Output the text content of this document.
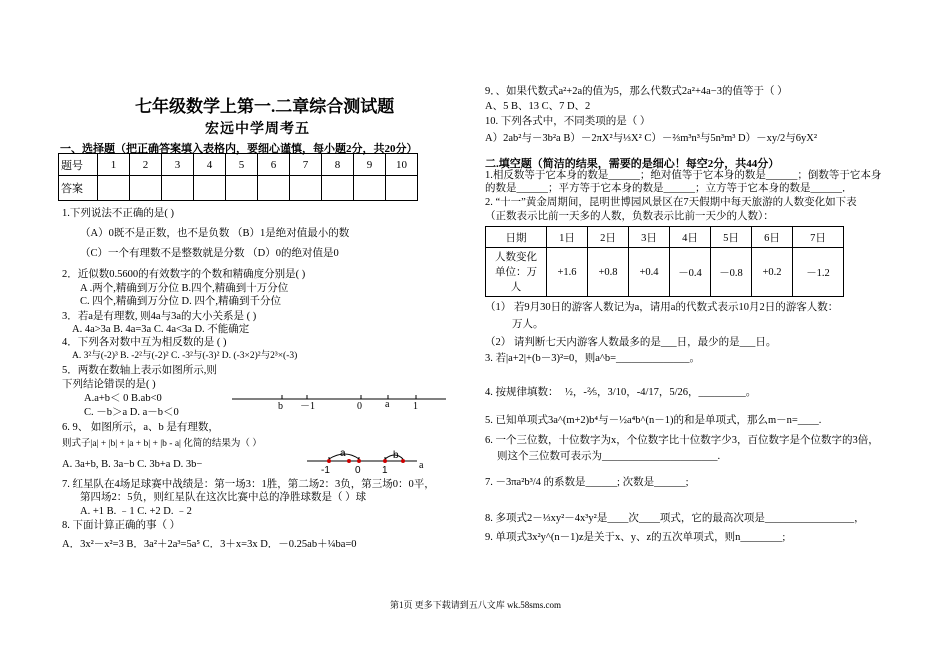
七年级数学上第一.二章综合测试题
宏远中学周考五
一、选择题（把正确答案填入表格内，要细心谨慎，每小题2分，共20分）
题号	1	2	3	4	5	6	7	8	9	10
答案										
1.下列说法不正确的是( )
（A）0既不是正数，也不是负数 （B）1是绝对值最小的数
（C）一个有理数不是整数就是分数 （D）0的绝对值是0
2．近似数0.5600的有效数字的个数和精确度分别是( )
A .两个,精确到万分位 B.四个,精确到十万分位
C. 四个,精确到万分位 D. 四个,精确到千分位
3．若a是有理数, 则4a与3a的大小关系是 ( )
A. 4a>3a B. 4a=3a C. 4a<3a D. 不能确定
4．下列各对数中互为相反数的是 ( )
A. 3²与(-2)³ B. -2²与(-2)² C. -3²与(-3)² D. (-3×2)²与2³×(-3)
5．两数在数轴上表示如图所示,则
下列结论错误的是( )
A.a+b＜ 0 B.ab<0
C. －b＞a D. a－b＜0
b －1	0 a 1
6. 9、 如图所示，a、b 是有理数，
则式子|a| + |b| + |a + b| + |b - a| 化简的结果为（ ）
A. 3a+b, B. 3a−b C. 3b+a D. 3b−
a	b
-1	0 1	a
7. 红星队在4场足球赛中战绩是：第一场3：1胜，第二场2：3负，第三场0：0平，
第四场2：5负，则红星队在这次比赛中总的净胜球数是（ ）球
A. +1 B. ﹣1 C. +2 D. ﹣2
8. 下面计算正确的事（ ）
A．3x²－x²=3 B．3a²＋2a³=5a⁵ C．3＋x=3x D．－0.25ab＋¼ba=0
9．、如果代数式a²+2a的值为5，那么代数式2a²+4a−3的值等于（ ）
A、5 B、13 C、7 D、2
10. 下列各式中，不同类项的是（ ）
A）2ab²与－3b²a B）－2πX²与⅓X² C）－⅔m³n³与5n³m³ D）－xy/2与6yX²
二.填空题（简洁的结果，需要的是细心！每空2分，共44分）
1.相反数等于它本身的数是______；绝对值等于它本身的数是______；倒数等于它本身
的数是______；平方等于它本身的数是______；立方等于它本身的数是______．
2. “十一”黄金周期间，昆明世博园风景区在7天假期中每天旅游的人数变化如下表
（正数表示比前一天多的人数，负数表示比前一天少的人数）：
日期	1日	2日	3日	4日	5日	6日	7日

人数变化
单位：万
人	+1.6	+0.8	+0.4	－0.4	－0.8	+0.2	－1.2
（1） 若9月30日的游客人数记为a，请用a的代数式表示10月2日的游客人数：
万人。
（2） 请判断七天内游客人数最多的是___日，最少的是___日。
3. 若|a+2|+(b－3)²=0，则a^b=______________。
4. 按规律填数： ½，-⅖，3/10，-4/17，5/26，_________。
5. 已知单项式3a^(m+2)b⁴与－½a⁴b^(n－1)的和是单项式，那么m－n=____.
6. 一个三位数，十位数字为x，个位数字比十位数字少3，百位数字是个位数字的3倍，
则这个三位数可表示为______________________.
7. －3πa²b³/4 的系数是______; 次数是______;
8. 多项式2－⅓xy²－4x³y²是____次____项式，它的最高次项是_________________，
9. 单项式3x²y^(n－1)z是关于x、y、z的五次单项式，则n________;
第1页 更多下载请到五八文库 wk.58sms.com
